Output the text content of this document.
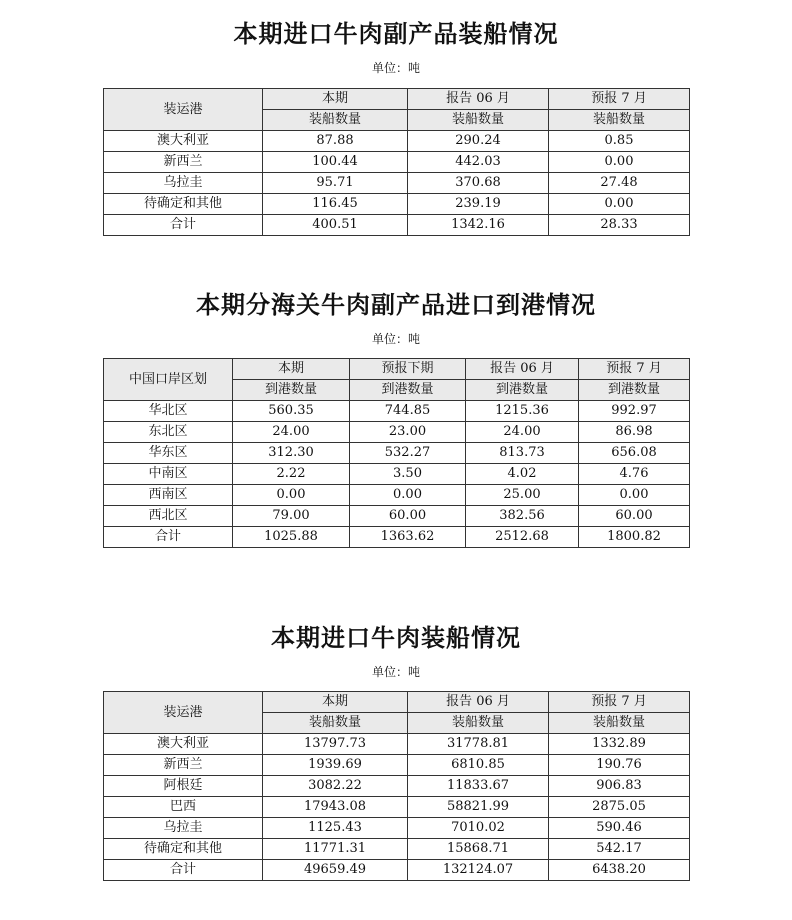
本期进口牛肉副产品装船情况
单位：吨
装运港	本期	报告 06 月	预报 7 月
	装船数量	装船数量	装船数量
澳大利亚	87.88	290.24	0.85
新西兰	100.44	442.03	0.00
乌拉圭	95.71	370.68	27.48
待确定和其他	116.45	239.19	0.00
合计	400.51	1342.16	28.33
本期分海关牛肉副产品进口到港情况
单位：吨
中国口岸区划	本期	预报下期	报告 06 月	预报 7 月
	到港数量	到港数量	到港数量	到港数量
华北区	560.35	744.85	1215.36	992.97
东北区	24.00	23.00	24.00	86.98
华东区	312.30	532.27	813.73	656.08
中南区	2.22	3.50	4.02	4.76
西南区	0.00	0.00	25.00	0.00
西北区	79.00	60.00	382.56	60.00
合计	1025.88	1363.62	2512.68	1800.82
本期进口牛肉装船情况
单位：吨
装运港	本期	报告 06 月	预报 7 月
	装船数量	装船数量	装船数量
澳大利亚	13797.73	31778.81	1332.89
新西兰	1939.69	6810.85	190.76
阿根廷	3082.22	11833.67	906.83
巴西	17943.08	58821.99	2875.05
乌拉圭	1125.43	7010.02	590.46
待确定和其他	11771.31	15868.71	542.17
合计	49659.49	132124.07	6438.20
